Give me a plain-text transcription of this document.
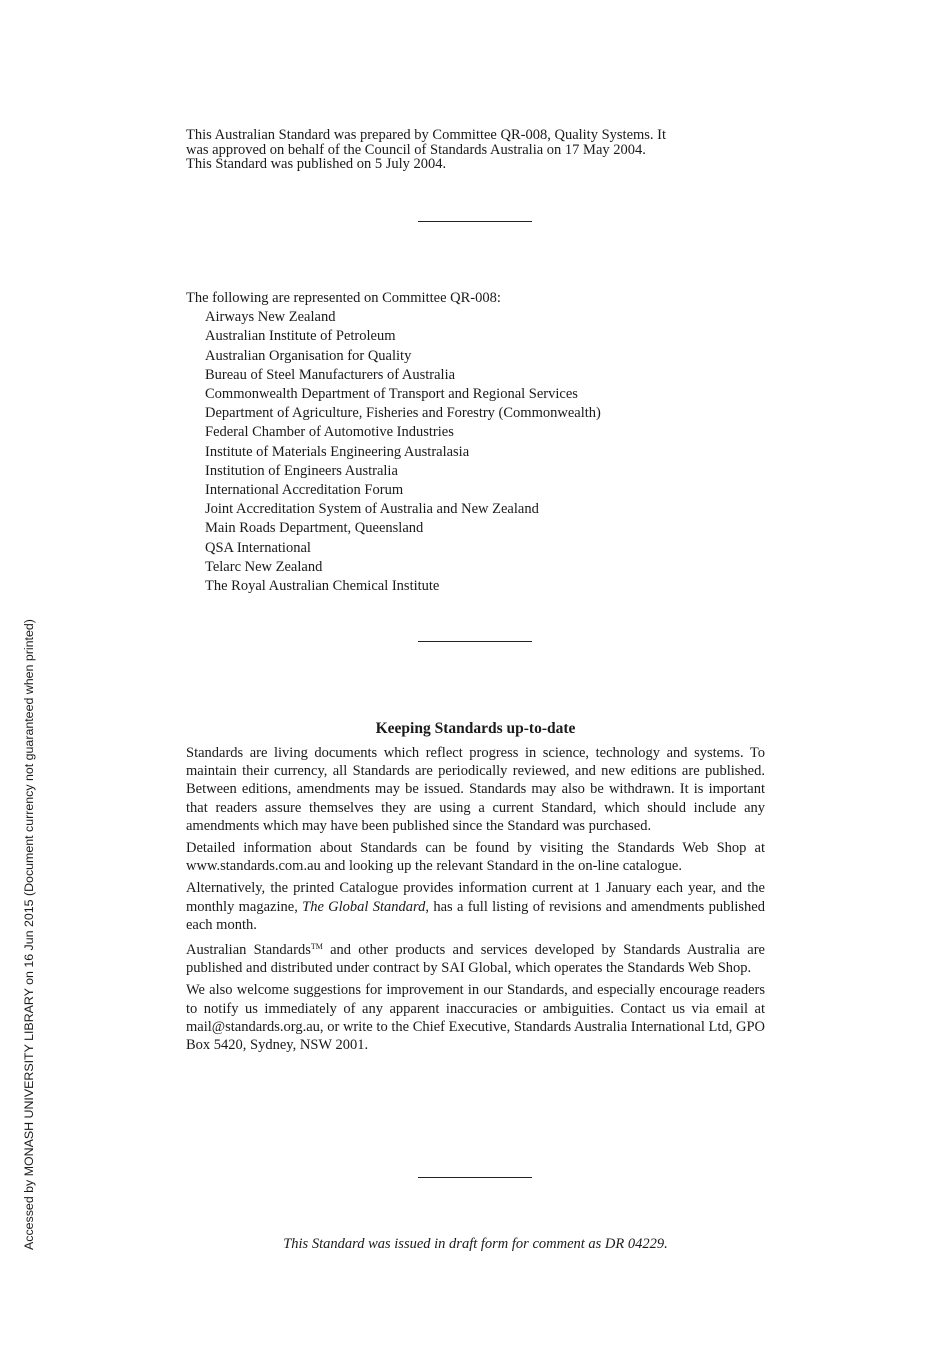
This Australian Standard was prepared by Committee QR-008, Quality Systems. It

was approved on behalf of the Council of Standards Australia on 17 May 2004.

This Standard was published on 5 July 2004.

The following are represented on Committee QR-008:

Airways New Zealand

Australian Institute of Petroleum

Australian Organisation for Quality

Bureau of Steel Manufacturers of Australia

Commonwealth Department of Transport and Regional Services

Department of Agriculture, Fisheries and Forestry (Commonwealth)

Federal Chamber of Automotive Industries

Institute of Materials Engineering Australasia

Institution of Engineers Australia

International Accreditation Forum

Joint Accreditation System of Australia and New Zealand

Main Roads Department, Queensland

QSA International

Telarc New Zealand

The Royal Australian Chemical Institute

Keeping Standards up-to-date

Standards are living documents which reflect progress in science, technology and systems. To maintain their currency, all Standards are periodically reviewed, and new editions are published. Between editions, amendments may be issued. Standards may also be withdrawn. It is important that readers assure themselves they are using a current Standard, which should include any amendments which may have been published since the Standard was purchased.

Detailed information about Standards can be found by visiting the Standards Web Shop at www.standards.com.au and looking up the relevant Standard in the on-line catalogue.

Alternatively, the printed Catalogue provides information current at 1 January each year, and the monthly magazine, The Global Standard, has a full listing of revisions and amendments published each month.

Australian Standards™ and other products and services developed by Standards Australia are published and distributed under contract by SAI Global, which operates the Standards Web Shop.

We also welcome suggestions for improvement in our Standards, and especially encourage readers to notify us immediately of any apparent inaccuracies or ambiguities. Contact us via email at mail@standards.org.au, or write to the Chief Executive, Standards Australia International Ltd, GPO Box 5420, Sydney, NSW 2001.

This Standard was issued in draft form for comment as DR 04229.
Accessed by MONASH UNIVERSITY LIBRARY on 16 Jun 2015 (Document currency not guaranteed when printed)
